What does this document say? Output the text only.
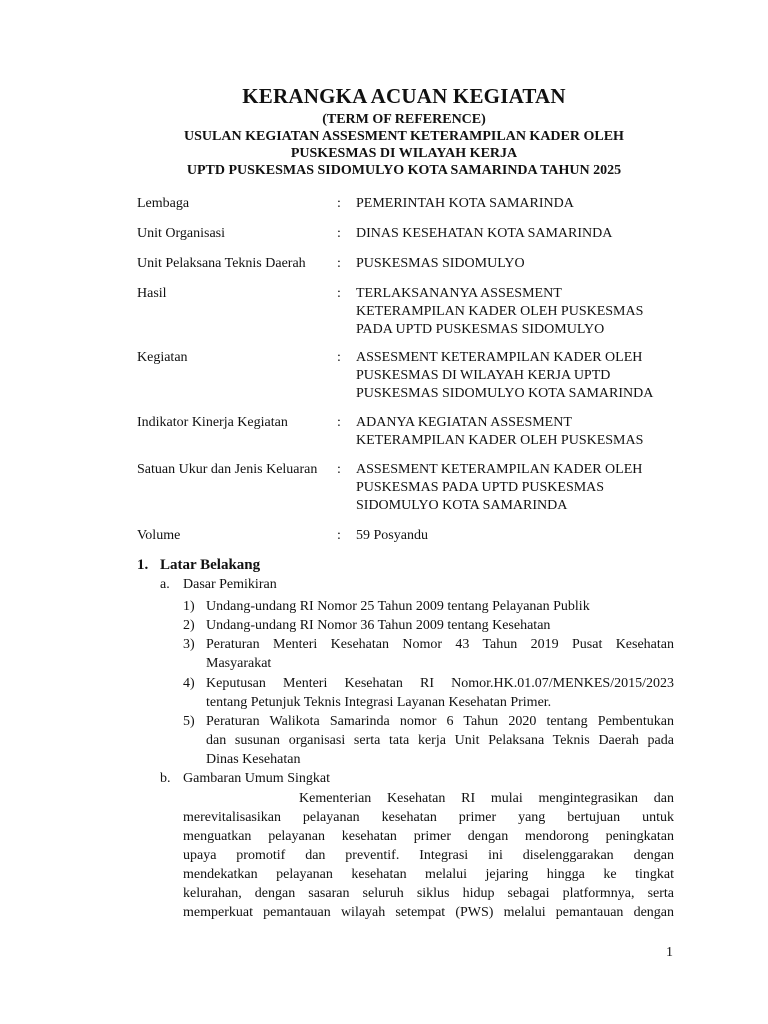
KERANGKA ACUAN KEGIATAN
(TERM OF REFERENCE)
USULAN KEGIATAN ASSESMENT KETERAMPILAN KADER OLEH
PUSKESMAS DI WILAYAH KERJA
UPTD PUSKESMAS SIDOMULYO KOTA SAMARINDA TAHUN 2025
Lembaga	: PEMERINTAH KOTA SAMARINDA
Unit Organisasi	: DINAS KESEHATAN KOTA SAMARINDA
Unit Pelaksana Teknis Daerah : PUSKESMAS SIDOMULYO
Hasil	: TERLAKSANANYA ASSESMENT
KETERAMPILAN KADER OLEH PUSKESMAS
PADA UPTD PUSKESMAS SIDOMULYO
Kegiatan	: ASSESMENT KETERAMPILAN KADER OLEH
PUSKESMAS DI WILAYAH KERJA UPTD
PUSKESMAS SIDOMULYO KOTA SAMARINDA
Indikator Kinerja Kegiatan	: ADANYA KEGIATAN ASSESMENT
KETERAMPILAN KADER OLEH PUSKESMAS
Satuan Ukur dan Jenis Keluaran : ASSESMENT KETERAMPILAN KADER OLEH
PUSKESMAS PADA UPTD PUSKESMAS
SIDOMULYO KOTA SAMARINDA
Volume	: 59 Posyandu
1. Latar Belakang
a. Dasar Pemikiran
1) Undang-undang RI Nomor 25 Tahun 2009 tentang Pelayanan Publik
2) Undang-undang RI Nomor 36 Tahun 2009 tentang Kesehatan
3) Peraturan Menteri Kesehatan Nomor 43 Tahun 2019 Pusat Kesehatan
Masyarakat
4) Keputusan Menteri Kesehatan RI Nomor.HK.01.07/MENKES/2015/2023
tentang Petunjuk Teknis Integrasi Layanan Kesehatan Primer.
5) Peraturan Walikota Samarinda nomor 6 Tahun 2020 tentang Pembentukan
dan susunan organisasi serta tata kerja Unit Pelaksana Teknis Daerah pada
Dinas Kesehatan
b. Gambaran Umum Singkat
Kementerian Kesehatan RI mulai mengintegrasikan dan
merevitalisasikan pelayanan kesehatan primer yang bertujuan untuk
menguatkan pelayanan kesehatan primer dengan mendorong peningkatan
upaya promotif dan preventif. Integrasi ini diselenggarakan dengan
mendekatkan pelayanan kesehatan melalui jejaring hingga ke tingkat
kelurahan, dengan sasaran seluruh siklus hidup sebagai platformnya, serta
memperkuat pemantauan wilayah setempat (PWS) melalui pemantauan dengan
1
